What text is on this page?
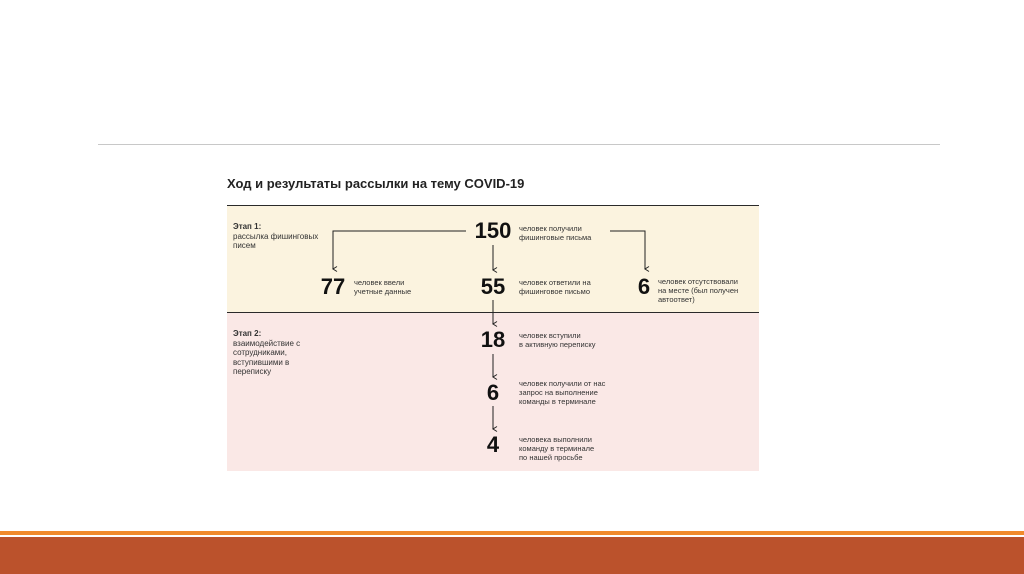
Ход и результаты рассылки на тему COVID-19
Этап 1:
рассылка фишинговых писем
Этап 2:
взаимодействие с сотрудниками, вступившими в переписку
150	человек получили
фишинговые письма
77	человек ввели
учетные данные	55	человек ответили на
фишинговое письмо 6	человек отсутствовали
на месте (был получен
автоответ)
18	человек вступили
в активную переписку
6	человек получили от нас
запрос на выполнение
команды в терминале
4	человека выполнили
команду в терминале
по нашей просьбе
